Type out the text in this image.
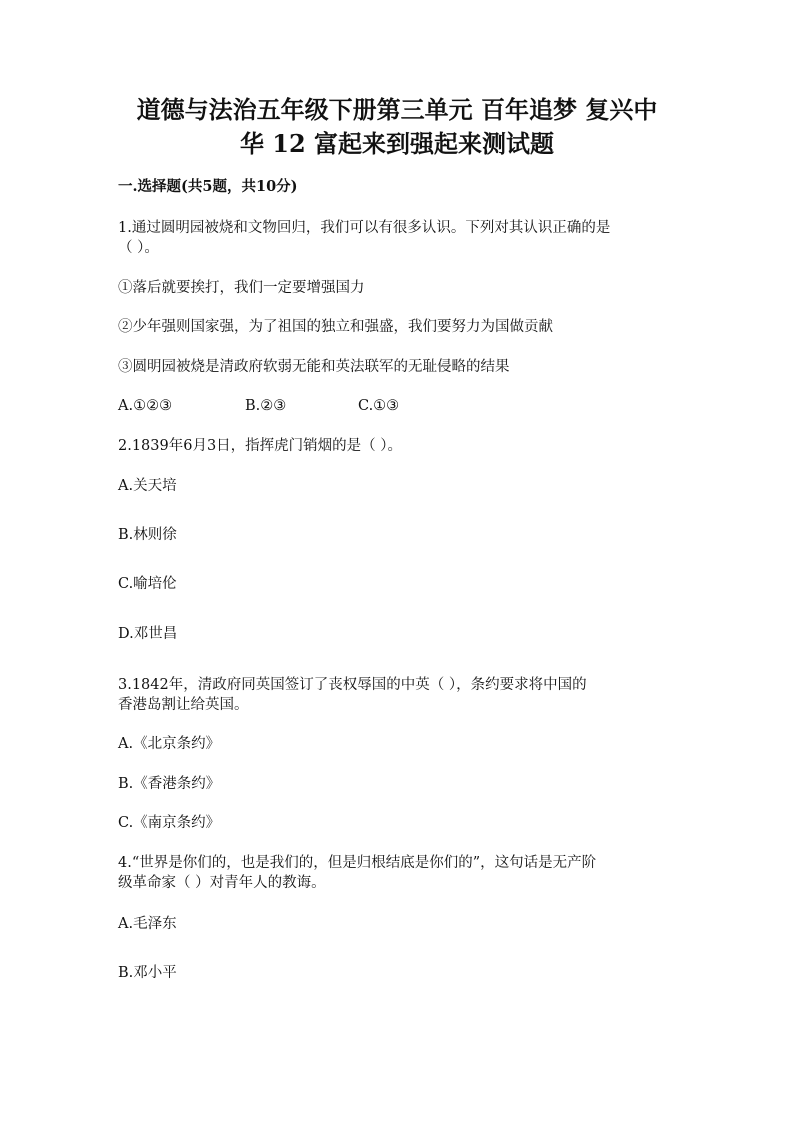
道德与法治五年级下册第三单元 百年追梦 复兴中
华 12 富起来到强起来测试题
一.选择题(共5题，共10分)
1.通过圆明园被烧和文物回归，我们可以有很多认识。下列对其认识正确的是
（ ）。
①落后就要挨打，我们一定要增强国力
②少年强则国家强，为了祖国的独立和强盛，我们要努力为国做贡献
③圆明园被烧是清政府软弱无能和英法联军的无耻侵略的结果
A.①②③	B.②③	C.①③
2.1839年6月3日，指挥虎门销烟的是（ ）。
A.关天培
B.林则徐
C.喻培伦
D.邓世昌
3.1842年，清政府同英国签订了丧权辱国的中英（ ），条约要求将中国的
香港岛割让给英国。
A.《北京条约》
B.《香港条约》
C.《南京条约》
4.“世界是你们的，也是我们的，但是归根结底是你们的”，这句话是无产阶
级革命家（ ）对青年人的教诲。
A.毛泽东
B.邓小平
